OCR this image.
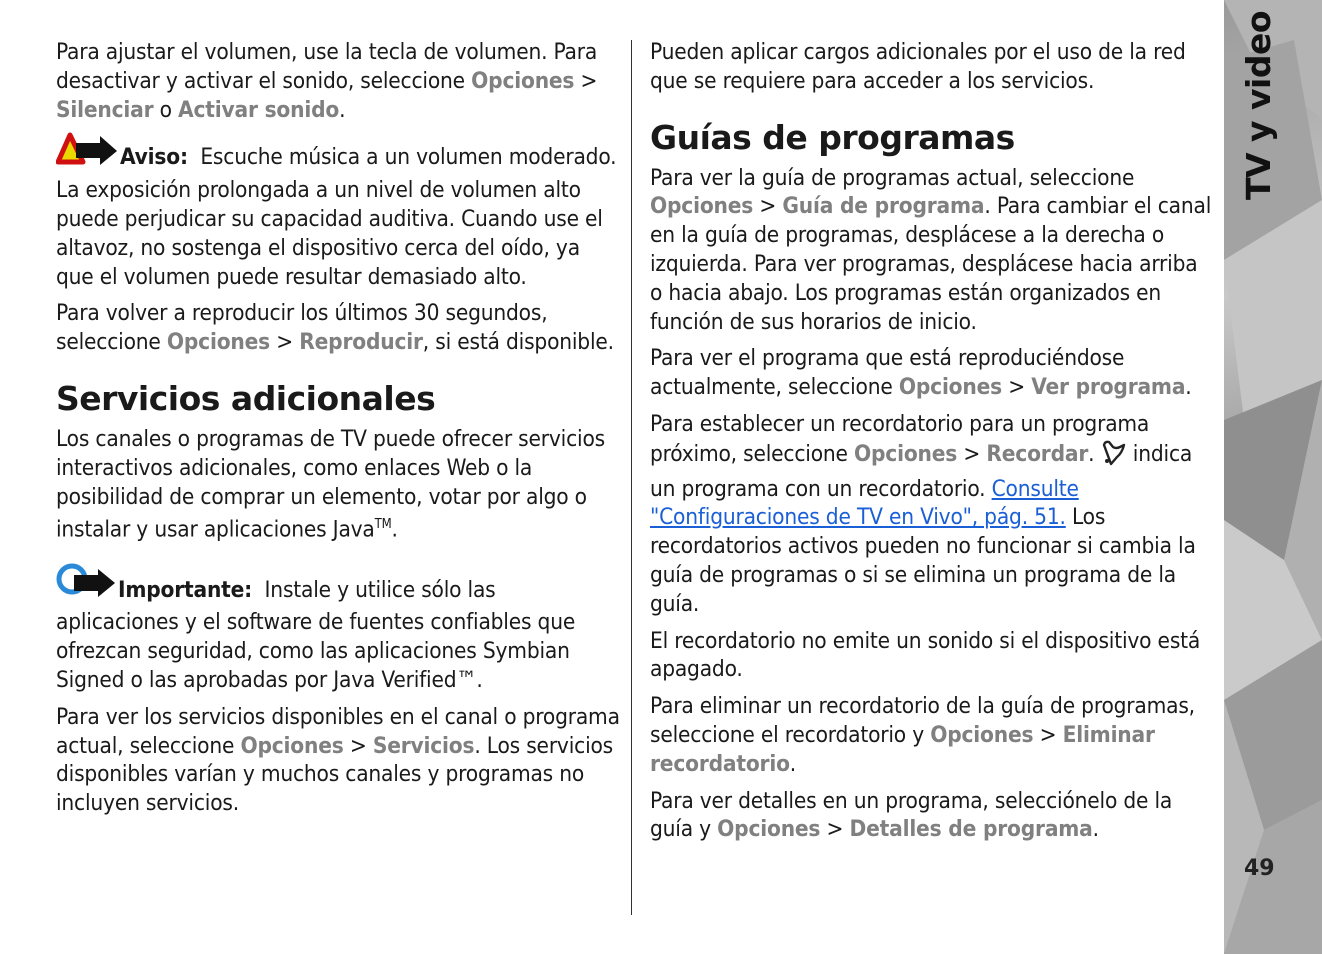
Para ajustar el volumen, use la tecla de volumen. Para desactivar y activar el sonido, seleccione Opciones > Silenciar o Activar sonido.

Aviso: Escuche música a un volumen moderado. La exposición prolongada a un nivel de volumen alto puede perjudicar su capacidad auditiva. Cuando use el altavoz, no sostenga el dispositivo cerca del oído, ya que el volumen puede resultar demasiado alto.

Para volver a reproducir los últimos 30 segundos, seleccione Opciones > Reproducir, si está disponible.

Servicios adicionales

Los canales o programas de TV puede ofrecer servicios interactivos adicionales, como enlaces Web o la posibilidad de comprar un elemento, votar por algo o instalar y usar aplicaciones Java™.

Importante: Instale y utilice sólo las aplicaciones y el software de fuentes confiables que ofrezcan seguridad, como las aplicaciones Symbian Signed o las aprobadas por Java Verified™.

Para ver los servicios disponibles en el canal o programa actual, seleccione Opciones > Servicios. Los servicios disponibles varían y muchos canales y programas no incluyen servicios.

Pueden aplicar cargos adicionales por el uso de la red que se requiere para acceder a los servicios.

Guías de programas

Para ver la guía de programas actual, seleccione Opciones > Guía de programa. Para cambiar el canal en la guía de programas, desplácese a la derecha o izquierda. Para ver programas, desplácese hacia arriba o hacia abajo. Los programas están organizados en función de sus horarios de inicio.

Para ver el programa que está reproduciéndose actualmente, seleccione Opciones > Ver programa.

Para establecer un recordatorio para un programa próximo, seleccione Opciones > Recordar.  indica un programa con un recordatorio. Consulte "Configuraciones de TV en Vivo", pág. 51. Los recordatorios activos pueden no funcionar si cambia la guía de programas o si se elimina un programa de la guía.

El recordatorio no emite un sonido si el dispositivo está apagado.

Para eliminar un recordatorio de la guía de programas, seleccione el recordatorio y Opciones > Eliminar recordatorio.

Para ver detalles en un programa, selecciónelo de la guía y Opciones > Detalles de programa.

TV y video
49
